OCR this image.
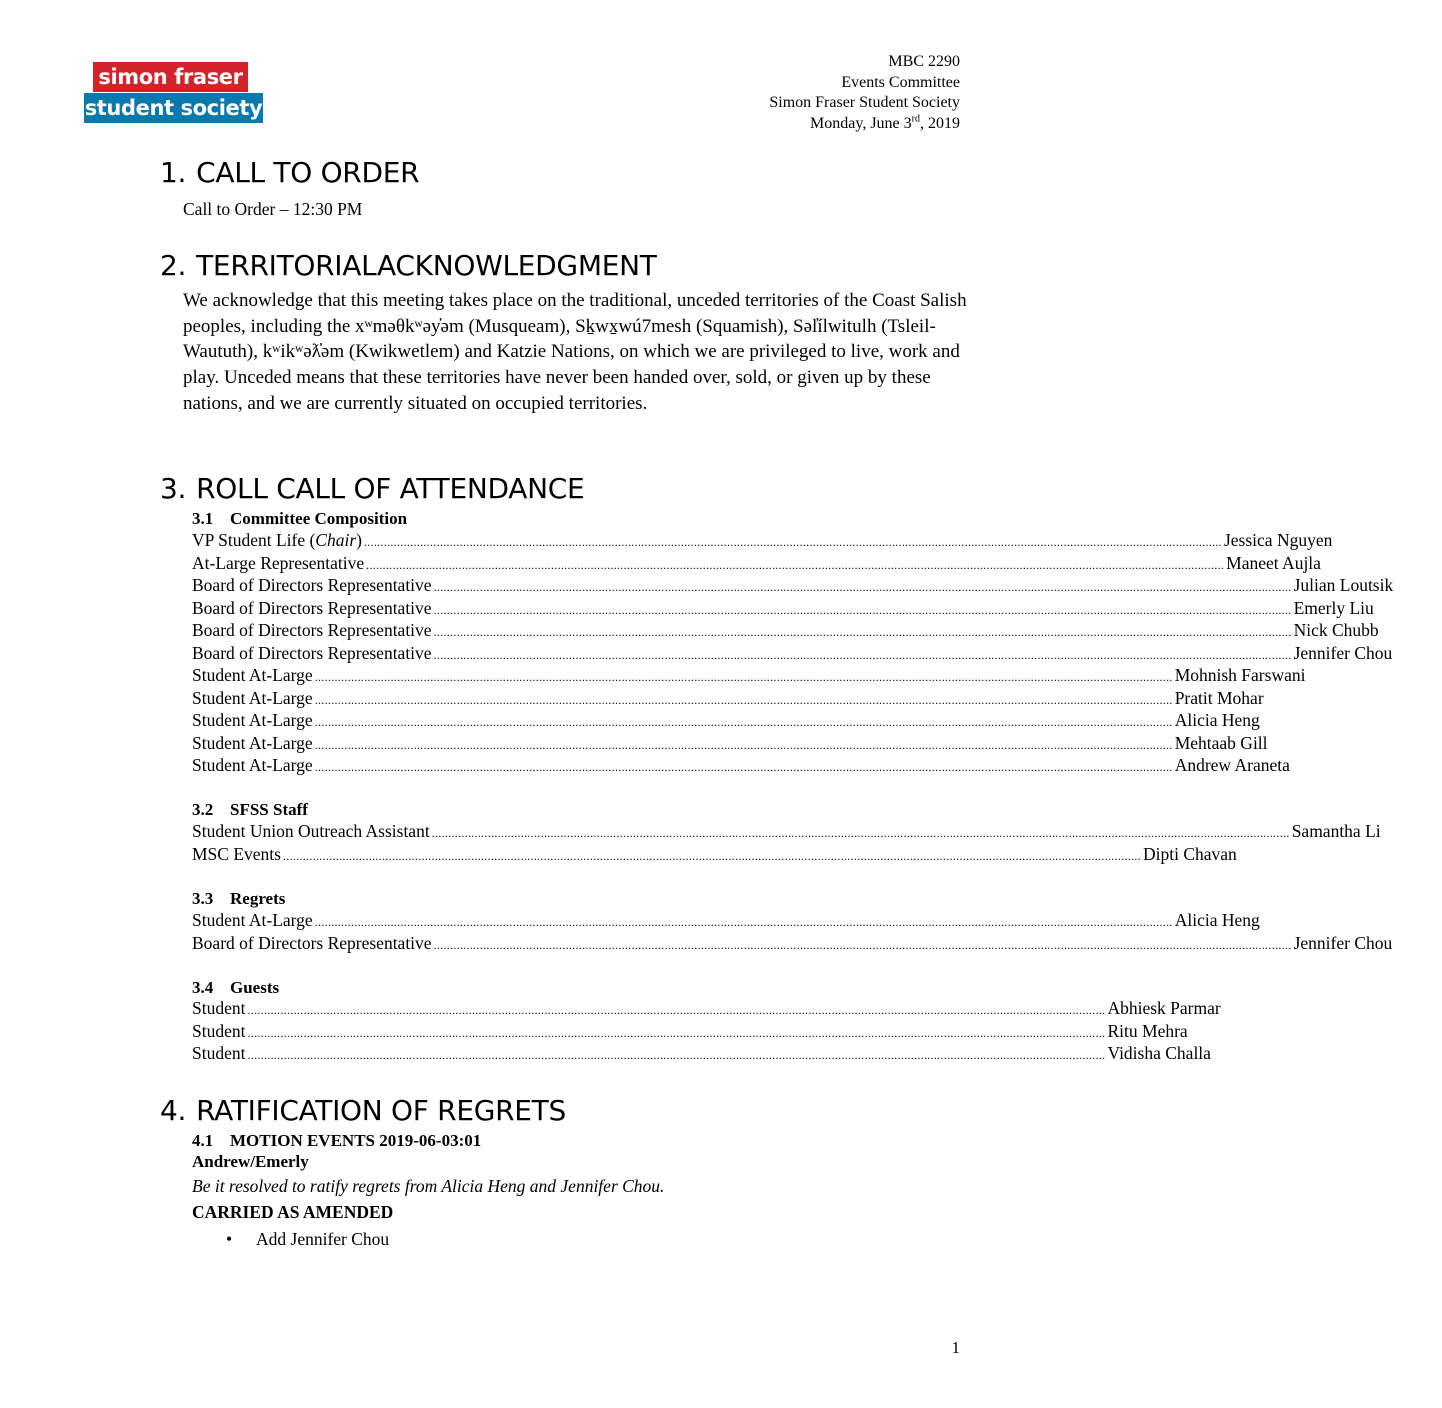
simon fraser
student society
MBC 2290
Events Committee
Simon Fraser Student Society
Monday, June 3rd, 2019
1. CALL TO ORDER
Call to Order – 12:30 PM
2. TERRITORIALACKNOWLEDGMENT
We acknowledge that this meeting takes place on the traditional, unceded territories of the Coast Salish peoples, including the xʷməθkʷəy̓əm (Musqueam), Sḵwx̱wú7mesh (Squamish), Səl̓ílwitulh (Tsleil-Waututh), kʷikʷəƛ̓əm (Kwikwetlem) and Katzie Nations, on which we are privileged to live, work and play. Unceded means that these territories have never been handed over, sold, or given up by these nations, and we are currently situated on occupied territories.
3. ROLL CALL OF ATTENDANCE
3.1 Committee Composition
VP Student Life (Chair) .................................................................................................................................................................................................................................................................... Jessica Nguyen
At-Large Representative .................................................................................................................................................................................................................................................................... Maneet Aujla
Board of Directors Representative .................................................................................................................................................................................................................................................................... Julian Loutsik
Board of Directors Representative .................................................................................................................................................................................................................................................................... Emerly Liu
Board of Directors Representative .................................................................................................................................................................................................................................................................... Nick Chubb
Board of Directors Representative .................................................................................................................................................................................................................................................................... Jennifer Chou
Student At-Large .................................................................................................................................................................................................................................................................... Mohnish Farswani
Student At-Large .................................................................................................................................................................................................................................................................... Pratit Mohar
Student At-Large .................................................................................................................................................................................................................................................................... Alicia Heng
Student At-Large .................................................................................................................................................................................................................................................................... Mehtaab Gill
Student At-Large .................................................................................................................................................................................................................................................................... Andrew Araneta
3.2 SFSS Staff
Student Union Outreach Assistant .................................................................................................................................................................................................................................................................... Samantha Li
MSC Events .................................................................................................................................................................................................................................................................... Dipti Chavan
3.3 Regrets
Student At-Large .................................................................................................................................................................................................................................................................... Alicia Heng
Board of Directors Representative .................................................................................................................................................................................................................................................................... Jennifer Chou
3.4 Guests
Student .................................................................................................................................................................................................................................................................... Abhiesk Parmar
Student .................................................................................................................................................................................................................................................................... Ritu Mehra
Student .................................................................................................................................................................................................................................................................... Vidisha Challa
4. RATIFICATION OF REGRETS
4.1 MOTION EVENTS 2019-06-03:01
Andrew/Emerly
Be it resolved to ratify regrets from Alicia Heng and Jennifer Chou.
CARRIED AS AMENDED
• Add Jennifer Chou
1
